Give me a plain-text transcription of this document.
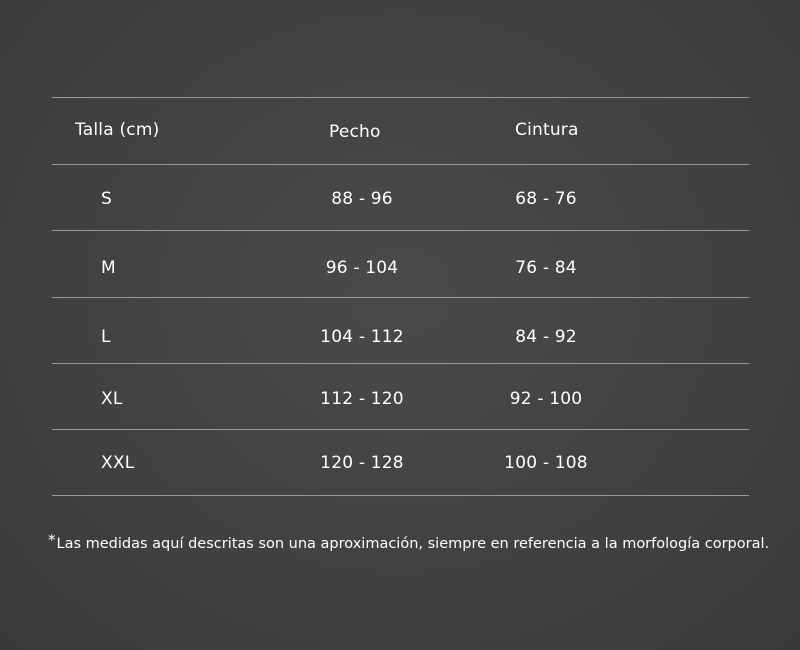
Talla (cm)	Pecho	Cintura
S	88 - 96	68 - 76
M	96 - 104	76 - 84
L	104 - 112	84 - 92
XL	112 - 120	92 - 100
XXL	120 - 128	100 - 108
*Las medidas aquí descritas son una aproximación, siempre en referencia a la morfología corporal.
